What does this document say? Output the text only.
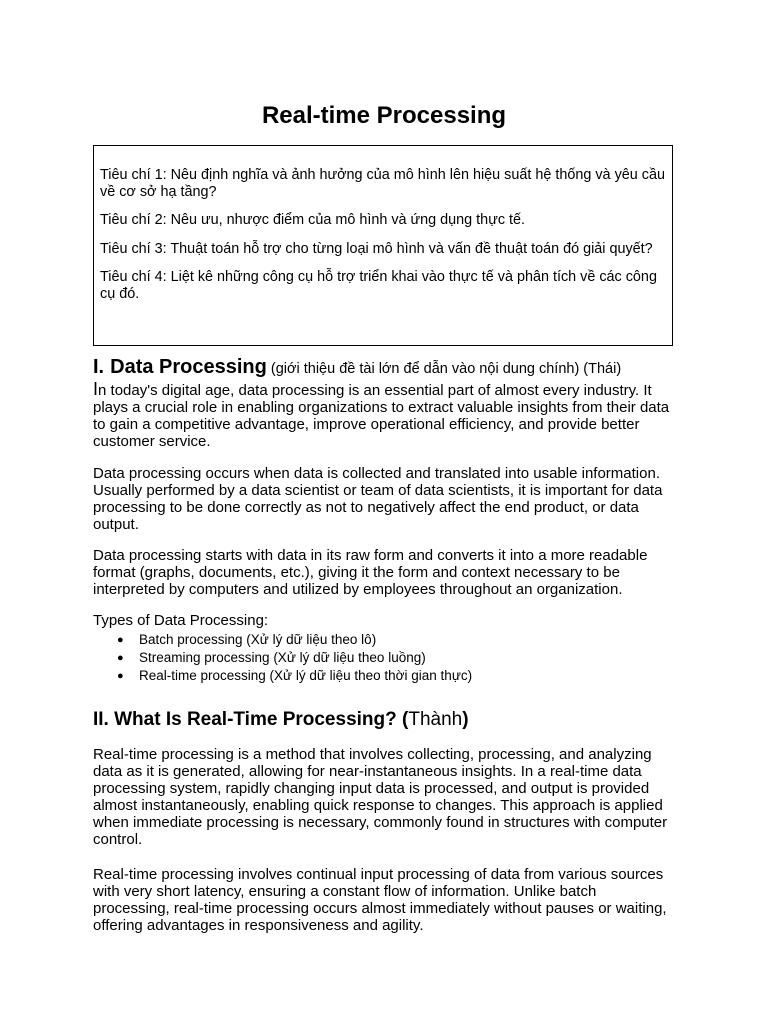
Real-time Processing

Tiêu chí 1: Nêu định nghĩa và ảnh hưởng của mô hình lên hiệu suất hệ thống và yêu cầu về cơ sở hạ tầng?

Tiêu chí 2: Nêu ưu, nhược điểm của mô hình và ứng dụng thực tế.

Tiêu chí 3: Thuật toán hỗ trợ cho từng loại mô hình và vấn đề thuật toán đó giải quyết?

Tiêu chí 4: Liệt kê những công cụ hỗ trợ triển khai vào thực tế và phân tích về các công cụ đó.

I. Data Processing (giới thiệu đề tài lớn để dẫn vào nội dung chính) (Thái)

In today's digital age, data processing is an essential part of almost every industry. It plays a crucial role in enabling organizations to extract valuable insights from their data to gain a competitive advantage, improve operational efficiency, and provide better customer service.

Data processing occurs when data is collected and translated into usable information. Usually performed by a data scientist or team of data scientists, it is important for data processing to be done correctly as not to negatively affect the end product, or data output.

Data processing starts with data in its raw form and converts it into a more readable format (graphs, documents, etc.), giving it the form and context necessary to be interpreted by computers and utilized by employees throughout an organization.

Types of Data Processing:

● Batch processing (Xử lý dữ liệu theo lô)
● Streaming processing (Xử lý dữ liệu theo luồng)
● Real-time processing (Xử lý dữ liệu theo thời gian thực)
II. What Is Real-Time Processing? (Thành)

Real-time processing is a method that involves collecting, processing, and analyzing data as it is generated, allowing for near-instantaneous insights. In a real-time data processing system, rapidly changing input data is processed, and output is provided almost instantaneously, enabling quick response to changes. This approach is applied when immediate processing is necessary, commonly found in structures with computer control.

Real-time processing involves continual input processing of data from various sources with very short latency, ensuring a constant flow of information. Unlike batch processing, real-time processing occurs almost immediately without pauses or waiting, offering advantages in responsiveness and agility.
